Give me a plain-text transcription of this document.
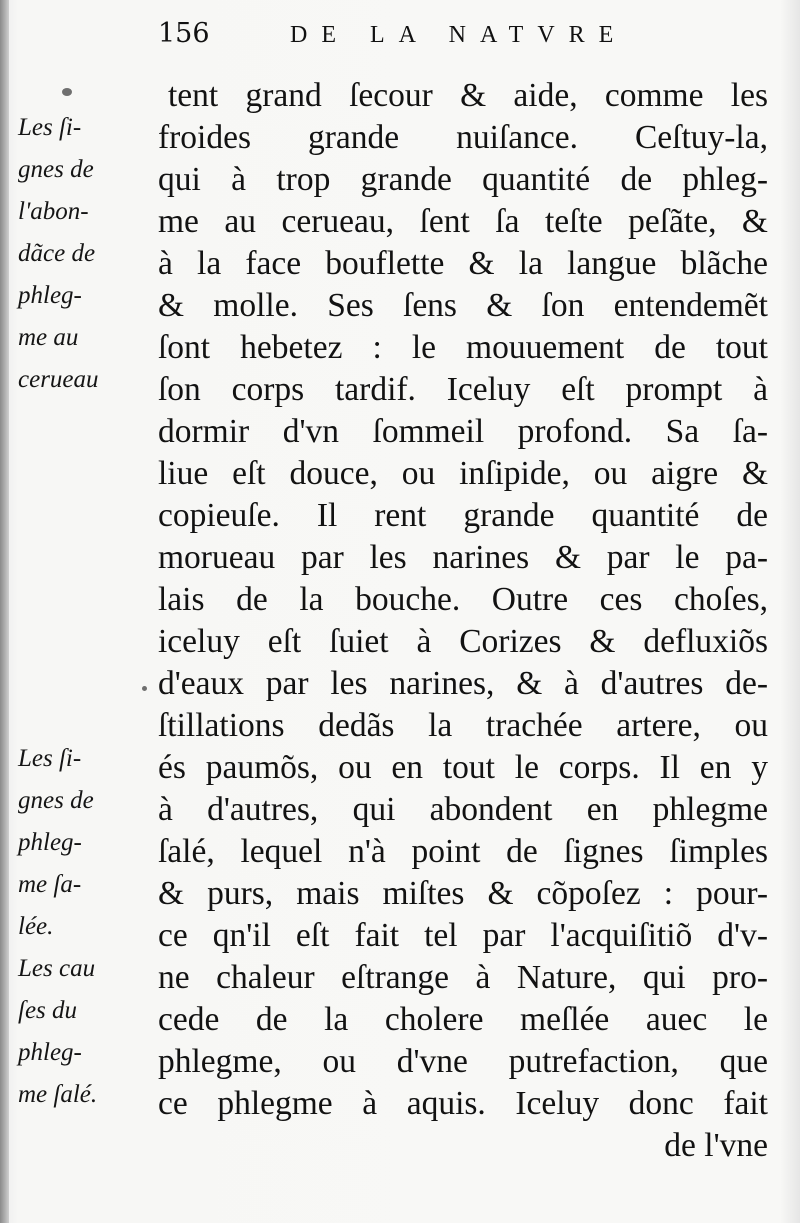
156	DE LA NATVRE
tent grand ſecour & aide, comme les
froides grande nuiſance. Ceſtuy-la,
qui à trop grande quantité de phleg-
me au cerueau, ſent ſa teſte peſãte, &
à la face bouflette & la langue blãche
& molle. Ses ſens & ſon entendemẽt
ſont hebetez : le mouuement de tout
ſon corps tardif. Iceluy eſt prompt à
dormir d'vn ſommeil profond. Sa ſa-
liue eſt douce, ou inſipide, ou aigre &
copieuſe. Il rent grande quantité de
morueau par les narines & par le pa-
lais de la bouche. Outre ces choſes,
iceluy eſt ſuiet à Corizes & defluxiõs
d'eaux par les narines, & à d'autres de-
ſtillations dedãs la trachée artere, ou
és paumõs, ou en tout le corps. Il en y
à d'autres, qui abondent en phlegme
ſalé, lequel n'à point de ſignes ſimples
& purs, mais miſtes & cõpoſez : pour-
ce qn'il eſt fait tel par l'acquiſitiõ d'v-
ne chaleur eſtrange à Nature, qui pro-
cede de la cholere meſlée auec le
phlegme, ou d'vne putrefaction, que
ce phlegme à aquis. Iceluy donc fait
de l'vne
Les ſi-
gnes de
l'abon-
dãce de
phleg-
me au
cerueau
Les ſi-
gnes de
phleg-
me ſa-
lée.
Les cau
ſes du
phleg-
me ſalé.
